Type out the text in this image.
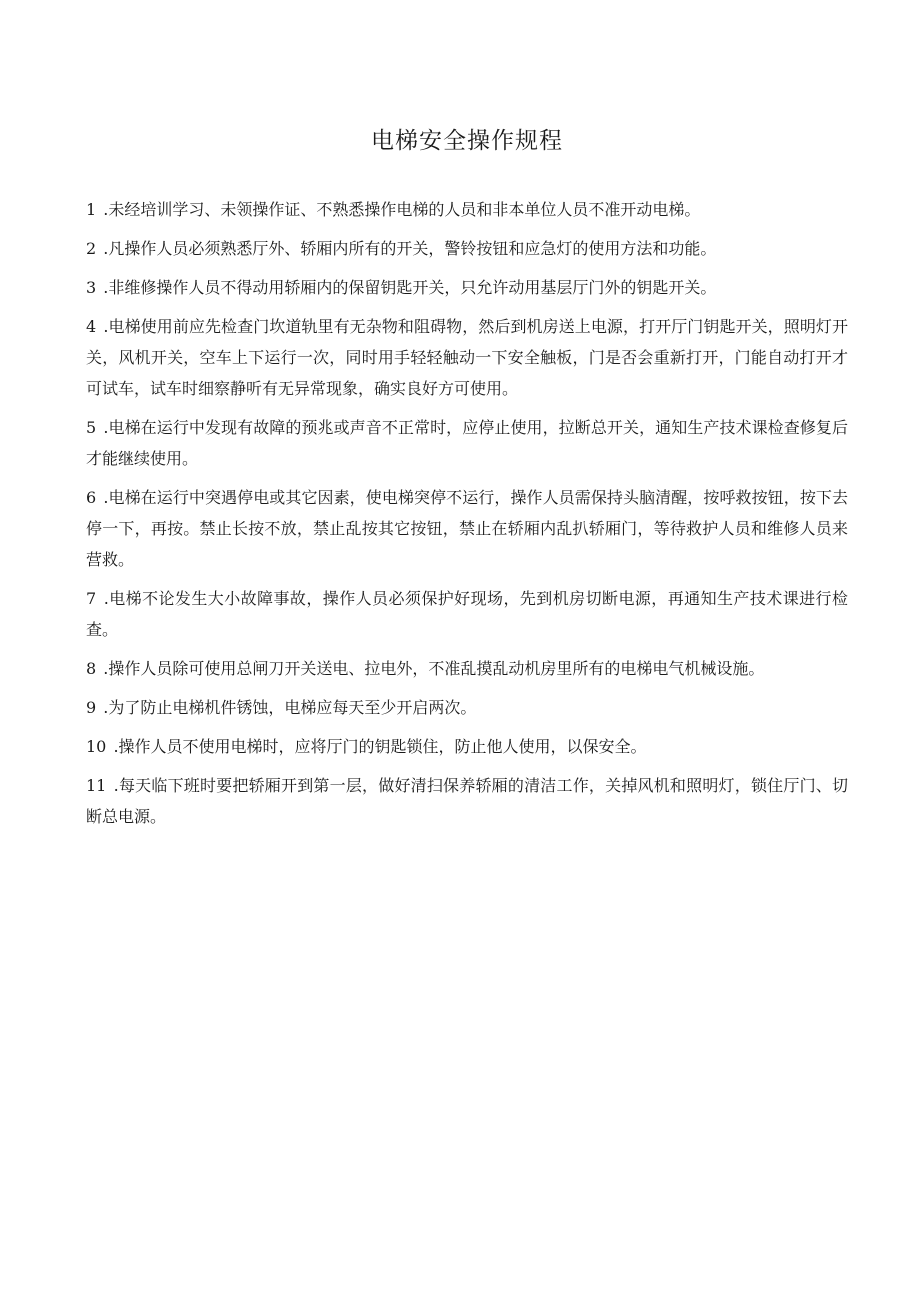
电梯安全操作规程
1 .未经培训学习、未领操作证、不熟悉操作电梯的人员和非本单位人员不准开动电梯。
2 .凡操作人员必须熟悉厅外、轿厢内所有的开关，警铃按钮和应急灯的使用方法和功能。
3 .非维修操作人员不得动用轿厢内的保留钥匙开关，只允许动用基层厅门外的钥匙开关。
4 .电梯使用前应先检查门坎道轨里有无杂物和阻碍物，然后到机房送上电源，打开厅门钥匙开关，照明灯开关，风机开关，空车上下运行一次，同时用手轻轻触动一下安全触板，门是否会重新打开，门能自动打开才可试车，试车时细察静听有无异常现象，确实良好方可使用。
5 .电梯在运行中发现有故障的预兆或声音不正常时，应停止使用，拉断总开关，通知生产技术课检查修复后才能继续使用。
6 .电梯在运行中突遇停电或其它因素，使电梯突停不运行，操作人员需保持头脑清醒，按呼救按钮，按下去停一下，再按。禁止长按不放，禁止乱按其它按钮，禁止在轿厢内乱扒轿厢门，等待救护人员和维修人员来营救。
7 .电梯不论发生大小故障事故，操作人员必须保护好现场，先到机房切断电源，再通知生产技术课进行检查。
8 .操作人员除可使用总闸刀开关送电、拉电外，不准乱摸乱动机房里所有的电梯电气机械设施。
9 .为了防止电梯机件锈蚀，电梯应每天至少开启两次。
10 .操作人员不使用电梯时，应将厅门的钥匙锁住，防止他人使用，以保安全。
11 .每天临下班时要把轿厢开到第一层，做好清扫保养轿厢的清洁工作，关掉风机和照明灯，锁住厅门、切断总电源。
